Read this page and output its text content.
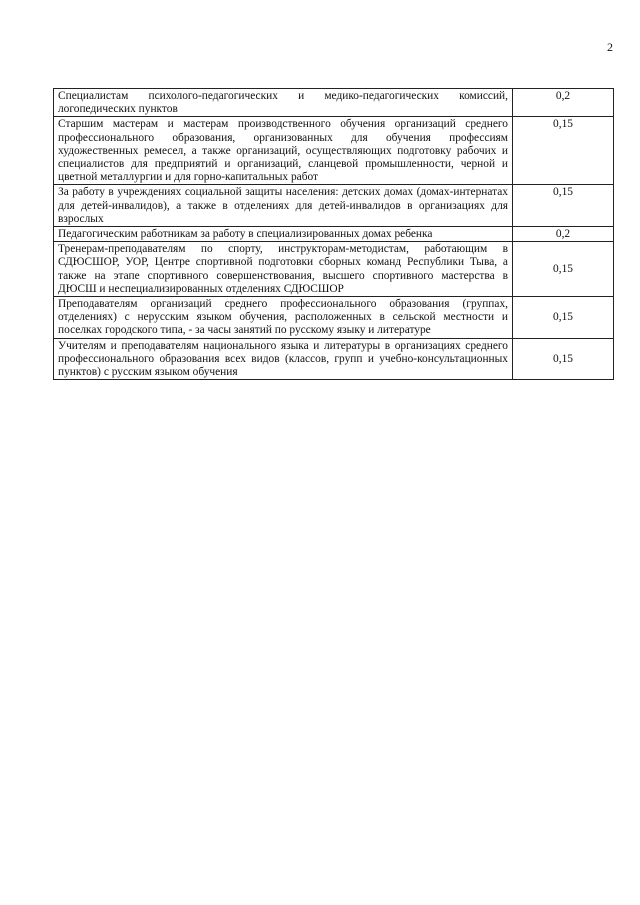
2
Специалистам психолого-педагогических и медико-педагогических комиссий, логопедических пунктов	0,2
Старшим мастерам и мастерам производственного обучения организаций среднего профессионального образования, организованных для обучения профессиям художественных ремесел, а также организаций, осуществляющих подготовку рабочих и специалистов для предприятий и организаций, сланцевой промышленности, черной и цветной металлургии и для горно-капитальных работ	0,15
За работу в учреждениях социальной защиты населения: детских домах (домах-интернатах для детей-инвалидов), а также в отделениях для детей-инвалидов в организациях для взрослых	0,15
Педагогическим работникам за работу в специализированных домах ребенка	0,2
Тренерам-преподавателям по спорту, инструкторам-методистам, работающим в СДЮСШОР, УОР, Центре спортивной подготовки сборных команд Республики Тыва, а также на этапе спортивного совершенствования, высшего спортивного мастерства в ДЮСШ и неспециализированных отделениях СДЮСШОР	0,15
Преподавателям организаций среднего профессионального образования (группах, отделениях) с нерусским языком обучения, расположенных в сельской местности и поселках городского типа, - за часы занятий по русскому языку и литературе	0,15
Учителям и преподавателям национального языка и литературы в организациях среднего профессионального образования всех видов (классов, групп и учебно-консультационных пунктов) с русским языком обучения	0,15
